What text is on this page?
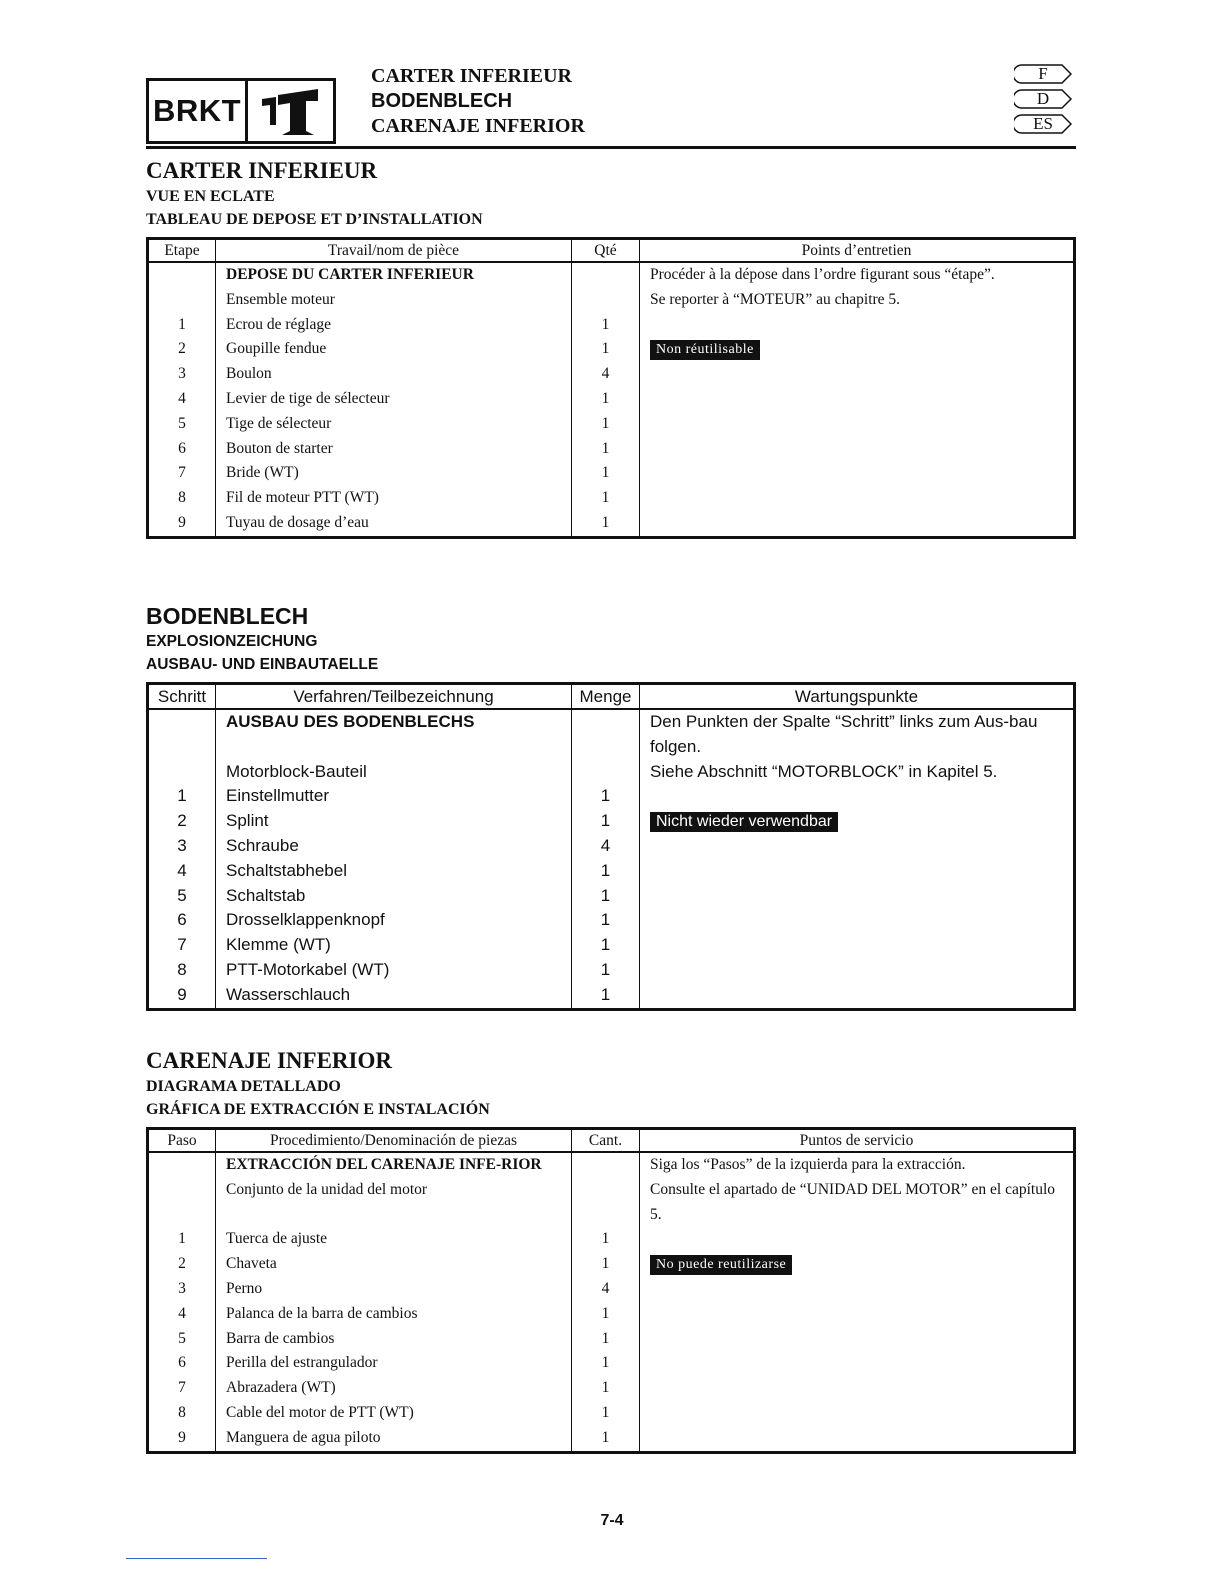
BRKT
CARTER INFERIEUR
BODENBLECH
CARENAJE INFERIOR
F
D
ES
CARTER INFERIEUR
VUE EN ECLATE
TABLEAU DE DEPOSE ET D’INSTALLATION
Etape	Travail/nom de pièce	Qté	Points d’entretien
	DEPOSE DU CARTER INFERIEUR		Procéder à la dépose dans l’ordre figurant sous “étape”.
	Ensemble moteur		Se reporter à “MOTEUR” au chapitre 5.
1	Ecrou de réglage	1	
2	Goupille fendue	1	Non réutilisable
3	Boulon	4	
4	Levier de tige de sélecteur	1	
5	Tige de sélecteur	1	
6	Bouton de starter	1	
7	Bride (WT)	1	
8	Fil de moteur PTT (WT)	1	
9	Tuyau de dosage d’eau	1	
BODENBLECH
EXPLOSIONZEICHUNG
AUSBAU- UND EINBAUTAELLE
Schritt	Verfahren/Teilbezeichnung	Menge	Wartungspunkte
	AUSBAU DES BODENBLECHS		Den Punkten der Spalte “Schritt” links zum Aus-bau folgen.
	Motorblock-Bauteil		Siehe Abschnitt “MOTORBLOCK” in Kapitel 5.
1	Einstellmutter	1	
2	Splint	1	Nicht wieder verwendbar
3	Schraube	4	
4	Schaltstabhebel	1	
5	Schaltstab	1	
6	Drosselklappenknopf	1	
7	Klemme (WT)	1	
8	PTT-Motorkabel (WT)	1	
9	Wasserschlauch	1	
CARENAJE INFERIOR
DIAGRAMA DETALLADO
GRÁFICA DE EXTRACCIÓN E INSTALACIÓN
Paso	Procedimiento/Denominación de piezas	Cant.	Puntos de servicio
	EXTRACCIÓN DEL CARENAJE INFE-RIOR		Siga los “Pasos” de la izquierda para la extracción.
	Conjunto de la unidad del motor		Consulte el apartado de “UNIDAD DEL MOTOR” en el capítulo 5.
1	Tuerca de ajuste	1	
2	Chaveta	1	No puede reutilizarse
3	Perno	4	
4	Palanca de la barra de cambios	1	
5	Barra de cambios	1	
6	Perilla del estrangulador	1	
7	Abrazadera (WT)	1	
8	Cable del motor de PTT (WT)	1	
9	Manguera de agua piloto	1	
7-4
